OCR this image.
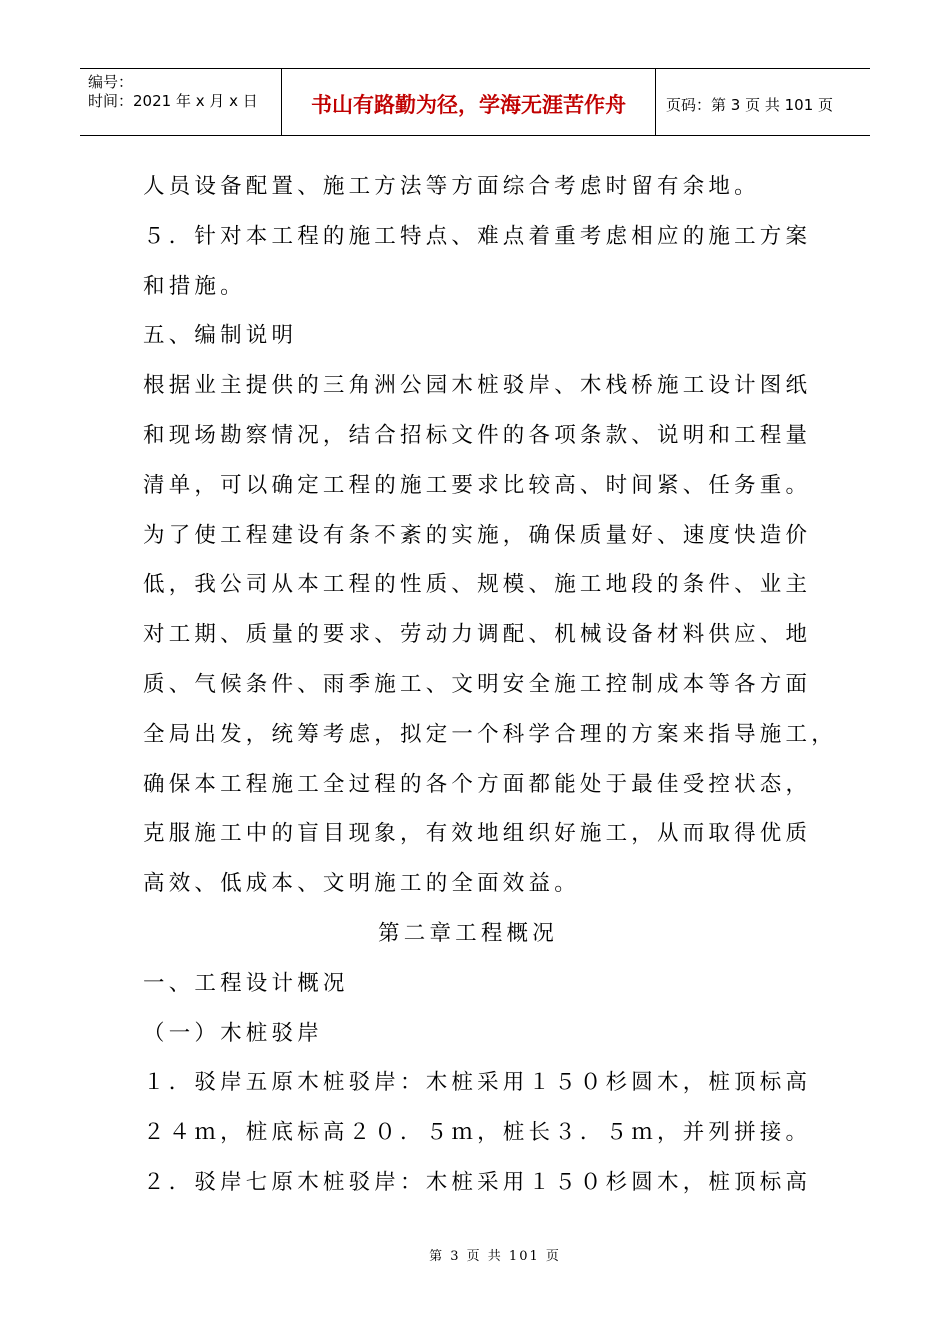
编号：
时间：2021 年 x 月 x 日	书山有路勤为径，学海无涯苦作舟	页码：第 3 页 共 101 页
人员设备配置、施工方法等方面综合考虑时留有余地。
５．针对本工程的施工特点、难点着重考虑相应的施工方案
和措施。
五、编制说明
根据业主提供的三角洲公园木桩驳岸、木栈桥施工设计图纸
和现场勘察情况，结合招标文件的各项条款、说明和工程量
清单，可以确定工程的施工要求比较高、时间紧、任务重。
为了使工程建设有条不紊的实施，确保质量好、速度快造价
低，我公司从本工程的性质、规模、施工地段的条件、业主
对工期、质量的要求、劳动力调配、机械设备材料供应、地
质、气候条件、雨季施工、文明安全施工控制成本等各方面
全局出发，统筹考虑，拟定一个科学合理的方案来指导施工，
确保本工程施工全过程的各个方面都能处于最佳受控状态，
克服施工中的盲目现象，有效地组织好施工，从而取得优质
高效、低成本、文明施工的全面效益。
第二章工程概况
一、工程设计概况
（一）木桩驳岸
１．驳岸五原木桩驳岸：木桩采用１５０杉圆木，桩顶标高
２４ｍ，桩底标高２０．５ｍ，桩长３．５ｍ，并列拼接。
２．驳岸七原木桩驳岸：木桩采用１５０杉圆木，桩顶标高
第 3 页 共 101 页
